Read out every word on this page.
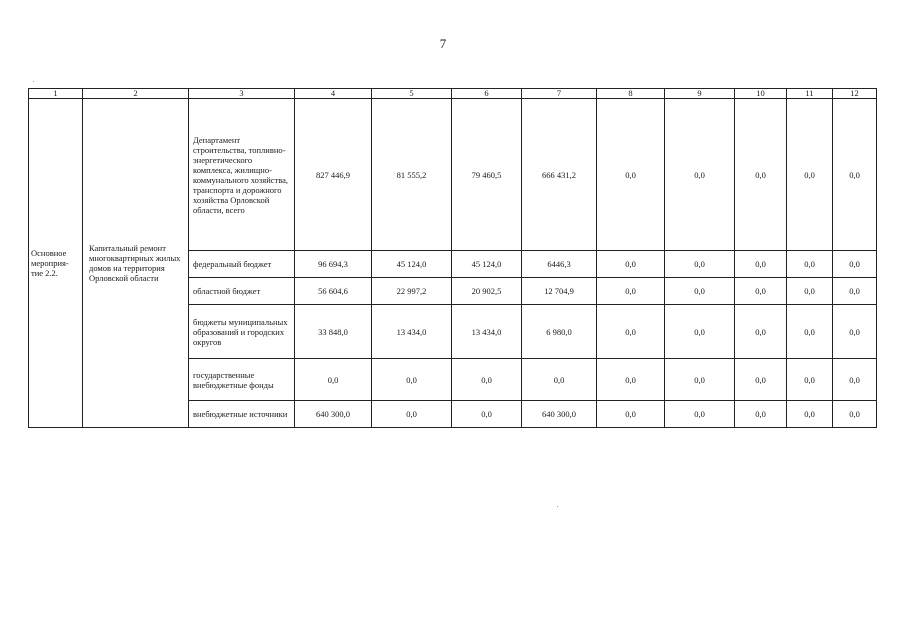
7
1	2	3	4	5	6	7	8	9	10	11	12
Основное мероприя-тие 2.2.	Капитальный ремонт многоквартирных жилых домов на территория Орловской области	Департамент строительства, топливно-энергетического комплекса, жилищно-коммунального хозяйства, транспорта и дорожного хозяйства Орловской области, всего	827 446,9	81 555,2	79 460,5	666 431,2	0,0	0,0	0,0	0,0	0,0
		федеральный бюджет	96 694,3	45 124,0	45 124,0	6446,3	0,0	0,0	0,0	0,0	0,0
		областной бюджет	56 604,6	22 997,2	20 902,5	12 704,9	0,0	0,0	0,0	0,0	0,0
		бюджеты муниципальных образований и городских округов	33 848,0	13 434,0	13 434,0	6 980,0	0,0	0,0	0,0	0,0	0,0
		государственные внебюджетные фонды	0,0	0,0	0,0	0,0	0,0	0,0	0,0	0,0	0,0
		внебюджетные источники	640 300,0	0,0	0,0	640 300,0	0,0	0,0	0,0	0,0	0,0
